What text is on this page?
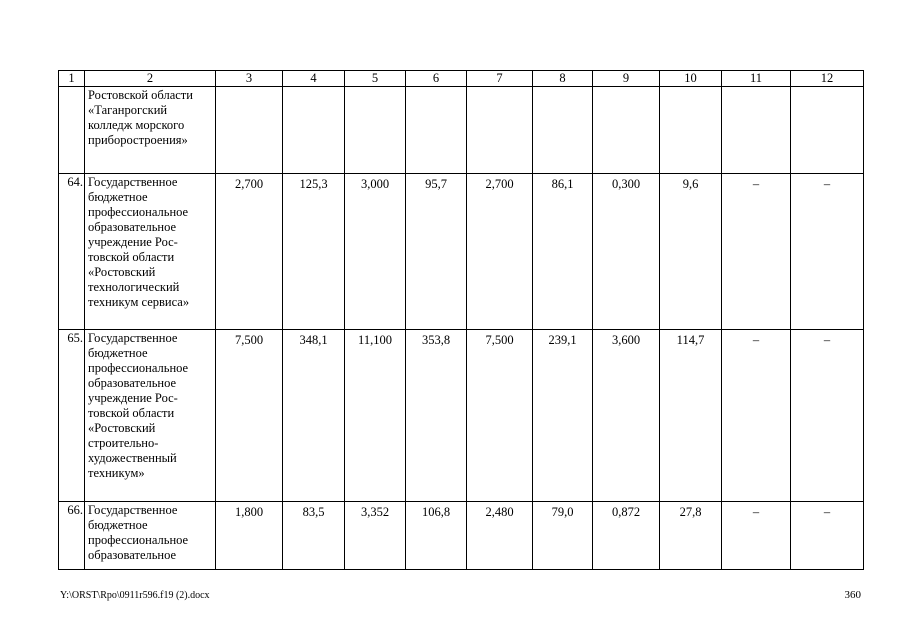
1	2	3	4	5	6	7	8	9	10	11	12
	Ростовской области «Таганрогский колледж морского приборостроения»										
64.	Государственное бюджетное профессиональное образовательное учреждение Рос-товской области «Ростовский технологический техникум сервиса»	2,700	125,3	3,000	95,7	2,700	86,1	0,300	9,6	–	–
65.	Государственное бюджетное профессиональное образовательное учреждение Рос-товской области «Ростовский строительно-художественный техникум»	7,500	348,1	11,100	353,8	7,500	239,1	3,600	114,7	–	–
66.	Государственное бюджетное профессиональное образовательное	1,800	83,5	3,352	106,8	2,480	79,0	0,872	27,8	–	–
Y:\ORST\Rpo\0911r596.f19 (2).docx	360
